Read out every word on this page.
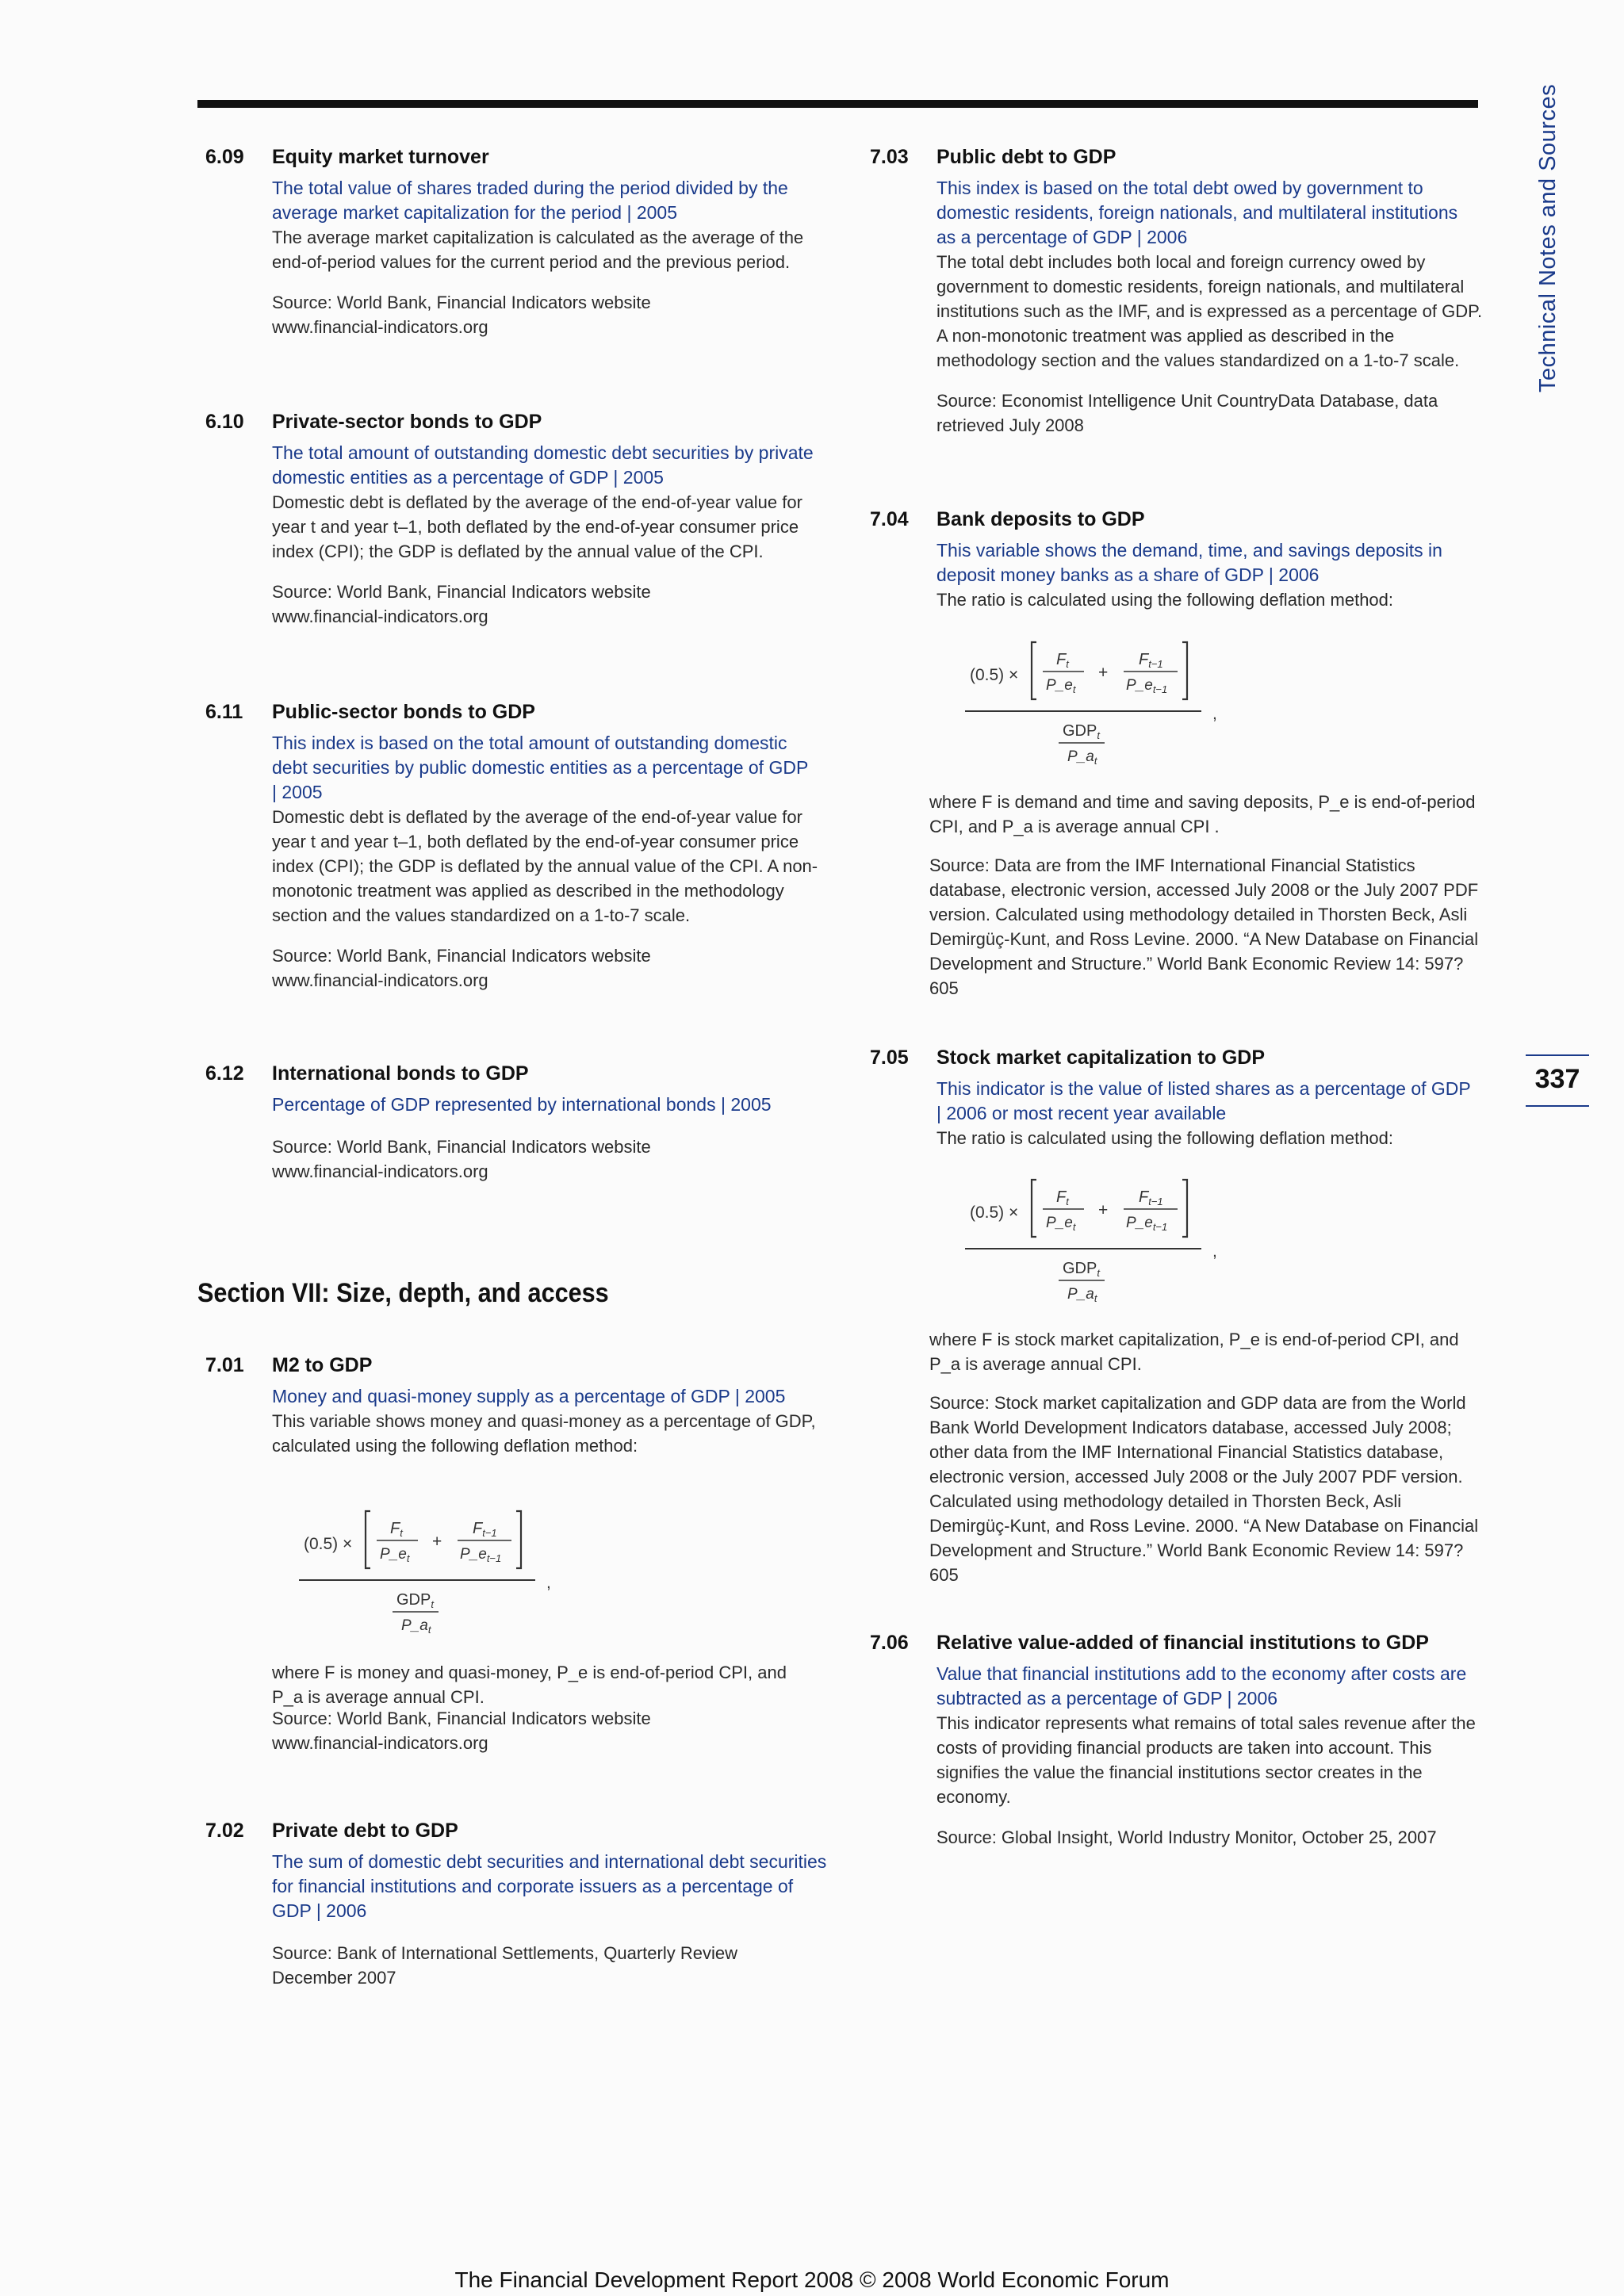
Technical Notes and Sources
337
6.09 Equity market turnover
The total value of shares traded during the period divided by the average market capitalization for the period | 2005
The average market capitalization is calculated as the average of the end-of-period values for the current period and the previous period.
Source: World Bank, Financial Indicators website www.financial-indicators.org
6.10 Private-sector bonds to GDP
The total amount of outstanding domestic debt securities by private domestic entities as a percentage of GDP | 2005
Domestic debt is deflated by the average of the end-of-year value for year t and year t–1, both deflated by the end-of-year consumer price index (CPI); the GDP is deflated by the annual value of the CPI.
Source: World Bank, Financial Indicators website www.financial-indicators.org
6.11 Public-sector bonds to GDP
This index is based on the total amount of outstanding domestic debt securities by public domestic entities as a percentage of GDP | 2005
Domestic debt is deflated by the average of the end-of-year value for year t and year t–1, both deflated by the end-of-year consumer price index (CPI); the GDP is deflated by the annual value of the CPI. A non-monotonic treatment was applied as described in the methodology section and the values standardized on a 1-to-7 scale.
Source: World Bank, Financial Indicators website www.financial-indicators.org
6.12 International bonds to GDP
Percentage of GDP represented by international bonds | 2005
Source: World Bank, Financial Indicators website www.financial-indicators.org
Section VII: Size, depth, and access
7.01 M2 to GDP
Money and quasi-money supply as a percentage of GDP | 2005
This variable shows money and quasi-money as a percentage of GDP, calculated using the following deflation method:
where F is money and quasi-money, P_e is end-of-period CPI, and P_a is average annual CPI.
Source: World Bank, Financial Indicators website www.financial-indicators.org
7.02 Private debt to GDP
The sum of domestic debt securities and international debt securities for financial institutions and corporate issuers as a percentage of GDP | 2006
Source: Bank of International Settlements, Quarterly Review December 2007
7.03 Public debt to GDP
This index is based on the total debt owed by government to domestic residents, foreign nationals, and multilateral institutions as a percentage of GDP | 2006
The total debt includes both local and foreign currency owed by government to domestic residents, foreign nationals, and multilateral institutions such as the IMF, and is expressed as a percentage of GDP. A non-monotonic treatment was applied as described in the methodology section and the values standardized on a 1-to-7 scale.
Source: Economist Intelligence Unit CountryData Database, data retrieved July 2008
7.04 Bank deposits to GDP
This variable shows the demand, time, and savings deposits in deposit money banks as a share of GDP | 2006
The ratio is calculated using the following deflation method:
where F is demand and time and saving deposits, P_e is end-of-period CPI, and P_a is average annual CPI .
Source: Data are from the IMF International Financial Statistics database, electronic version, accessed July 2008 or the July 2007 PDF version. Calculated using methodology detailed in Thorsten Beck, Asli Demirgüç-Kunt, and Ross Levine. 2000. “A New Database on Financial Development and Structure.” World Bank Economic Review 14: 597?605
7.05 Stock market capitalization to GDP
This indicator is the value of listed shares as a percentage of GDP | 2006 or most recent year available
The ratio is calculated using the following deflation method:
where F is stock market capitalization, P_e is end-of-period CPI, and P_a is average annual CPI.
Source: Stock market capitalization and GDP data are from the World Bank World Development Indicators database, accessed July 2008; other data from the IMF International Financial Statistics database, electronic version, accessed July 2008 or the July 2007 PDF version. Calculated using methodology detailed in Thorsten Beck, Asli Demirgüç-Kunt, and Ross Levine. 2000. “A New Database on Financial Development and Structure.” World Bank Economic Review 14: 597?605
7.06 Relative value-added of financial institutions to GDP
Value that financial institutions add to the economy after costs are subtracted as a percentage of GDP | 2006
This indicator represents what remains of total sales revenue after the costs of providing financial products are taken into account. This signifies the value the financial institutions sector creates in the economy.
Source: Global Insight, World Industry Monitor, October 25, 2007
(0.5) ×
$F_t$
$P\_e_t$
+
$F_{t-1}$
$P\_e_{t-1}$
,
$GDP_t$
$P\_a_t$
(0.5) ×
$F_t$
$P\_e_t$
+
$F_{t-1}$
$P\_e_{t-1}$
,
$GDP_t$
$P\_a_t$
(0.5) ×
$F_t$
$P\_e_t$
+
$F_{t-1}$
$P\_e_{t-1}$
,
$GDP_t$
$P\_a_t$
The Financial Development Report 2008 © 2008 World Economic Forum
